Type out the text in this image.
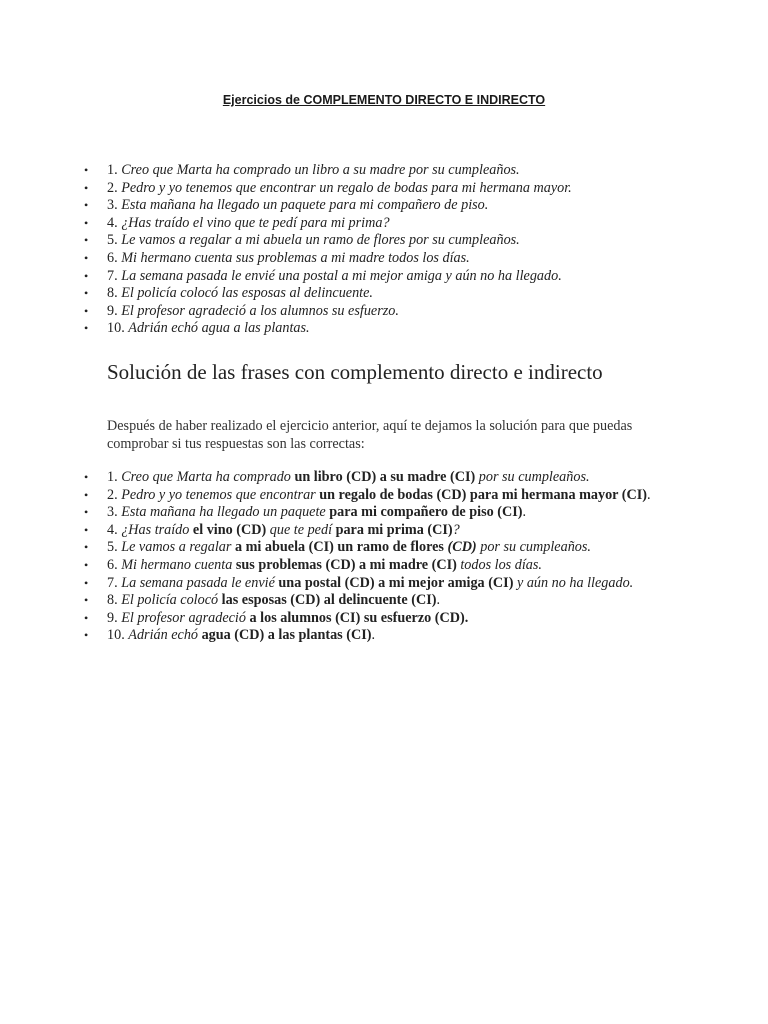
Ejercicios de COMPLEMENTO DIRECTO E INDIRECTO
• 1. Creo que Marta ha comprado un libro a su madre por su cumpleaños.
• 2. Pedro y yo tenemos que encontrar un regalo de bodas para mi hermana mayor.
• 3. Esta mañana ha llegado un paquete para mi compañero de piso.
• 4. ¿Has traído el vino que te pedí para mi prima?
• 5. Le vamos a regalar a mi abuela un ramo de flores por su cumpleaños.
• 6. Mi hermano cuenta sus problemas a mi madre todos los días.
• 7. La semana pasada le envié una postal a mi mejor amiga y aún no ha llegado.
• 8. El policía colocó las esposas al delincuente.
• 9. El profesor agradeció a los alumnos su esfuerzo.
• 10. Adrián echó agua a las plantas.
Solución de las frases con complemento directo e indirecto

Después de haber realizado el ejercicio anterior, aquí te dejamos la solución para que puedas comprobar si tus respuestas son las correctas:

• 1. Creo que Marta ha comprado un libro (CD) a su madre (CI) por su cumpleaños.
• 2. Pedro y yo tenemos que encontrar un regalo de bodas (CD) para mi hermana mayor (CI).
• 3. Esta mañana ha llegado un paquete para mi compañero de piso (CI).
• 4. ¿Has traído el vino (CD) que te pedí para mi prima (CI)?
• 5. Le vamos a regalar a mi abuela (CI) un ramo de flores (CD) por su cumpleaños.
• 6. Mi hermano cuenta sus problemas (CD) a mi madre (CI) todos los días.
• 7. La semana pasada le envié una postal (CD) a mi mejor amiga (CI) y aún no ha llegado.
• 8. El policía colocó las esposas (CD) al delincuente (CI).
• 9. El profesor agradeció a los alumnos (CI) su esfuerzo (CD).
• 10. Adrián echó agua (CD) a las plantas (CI).
